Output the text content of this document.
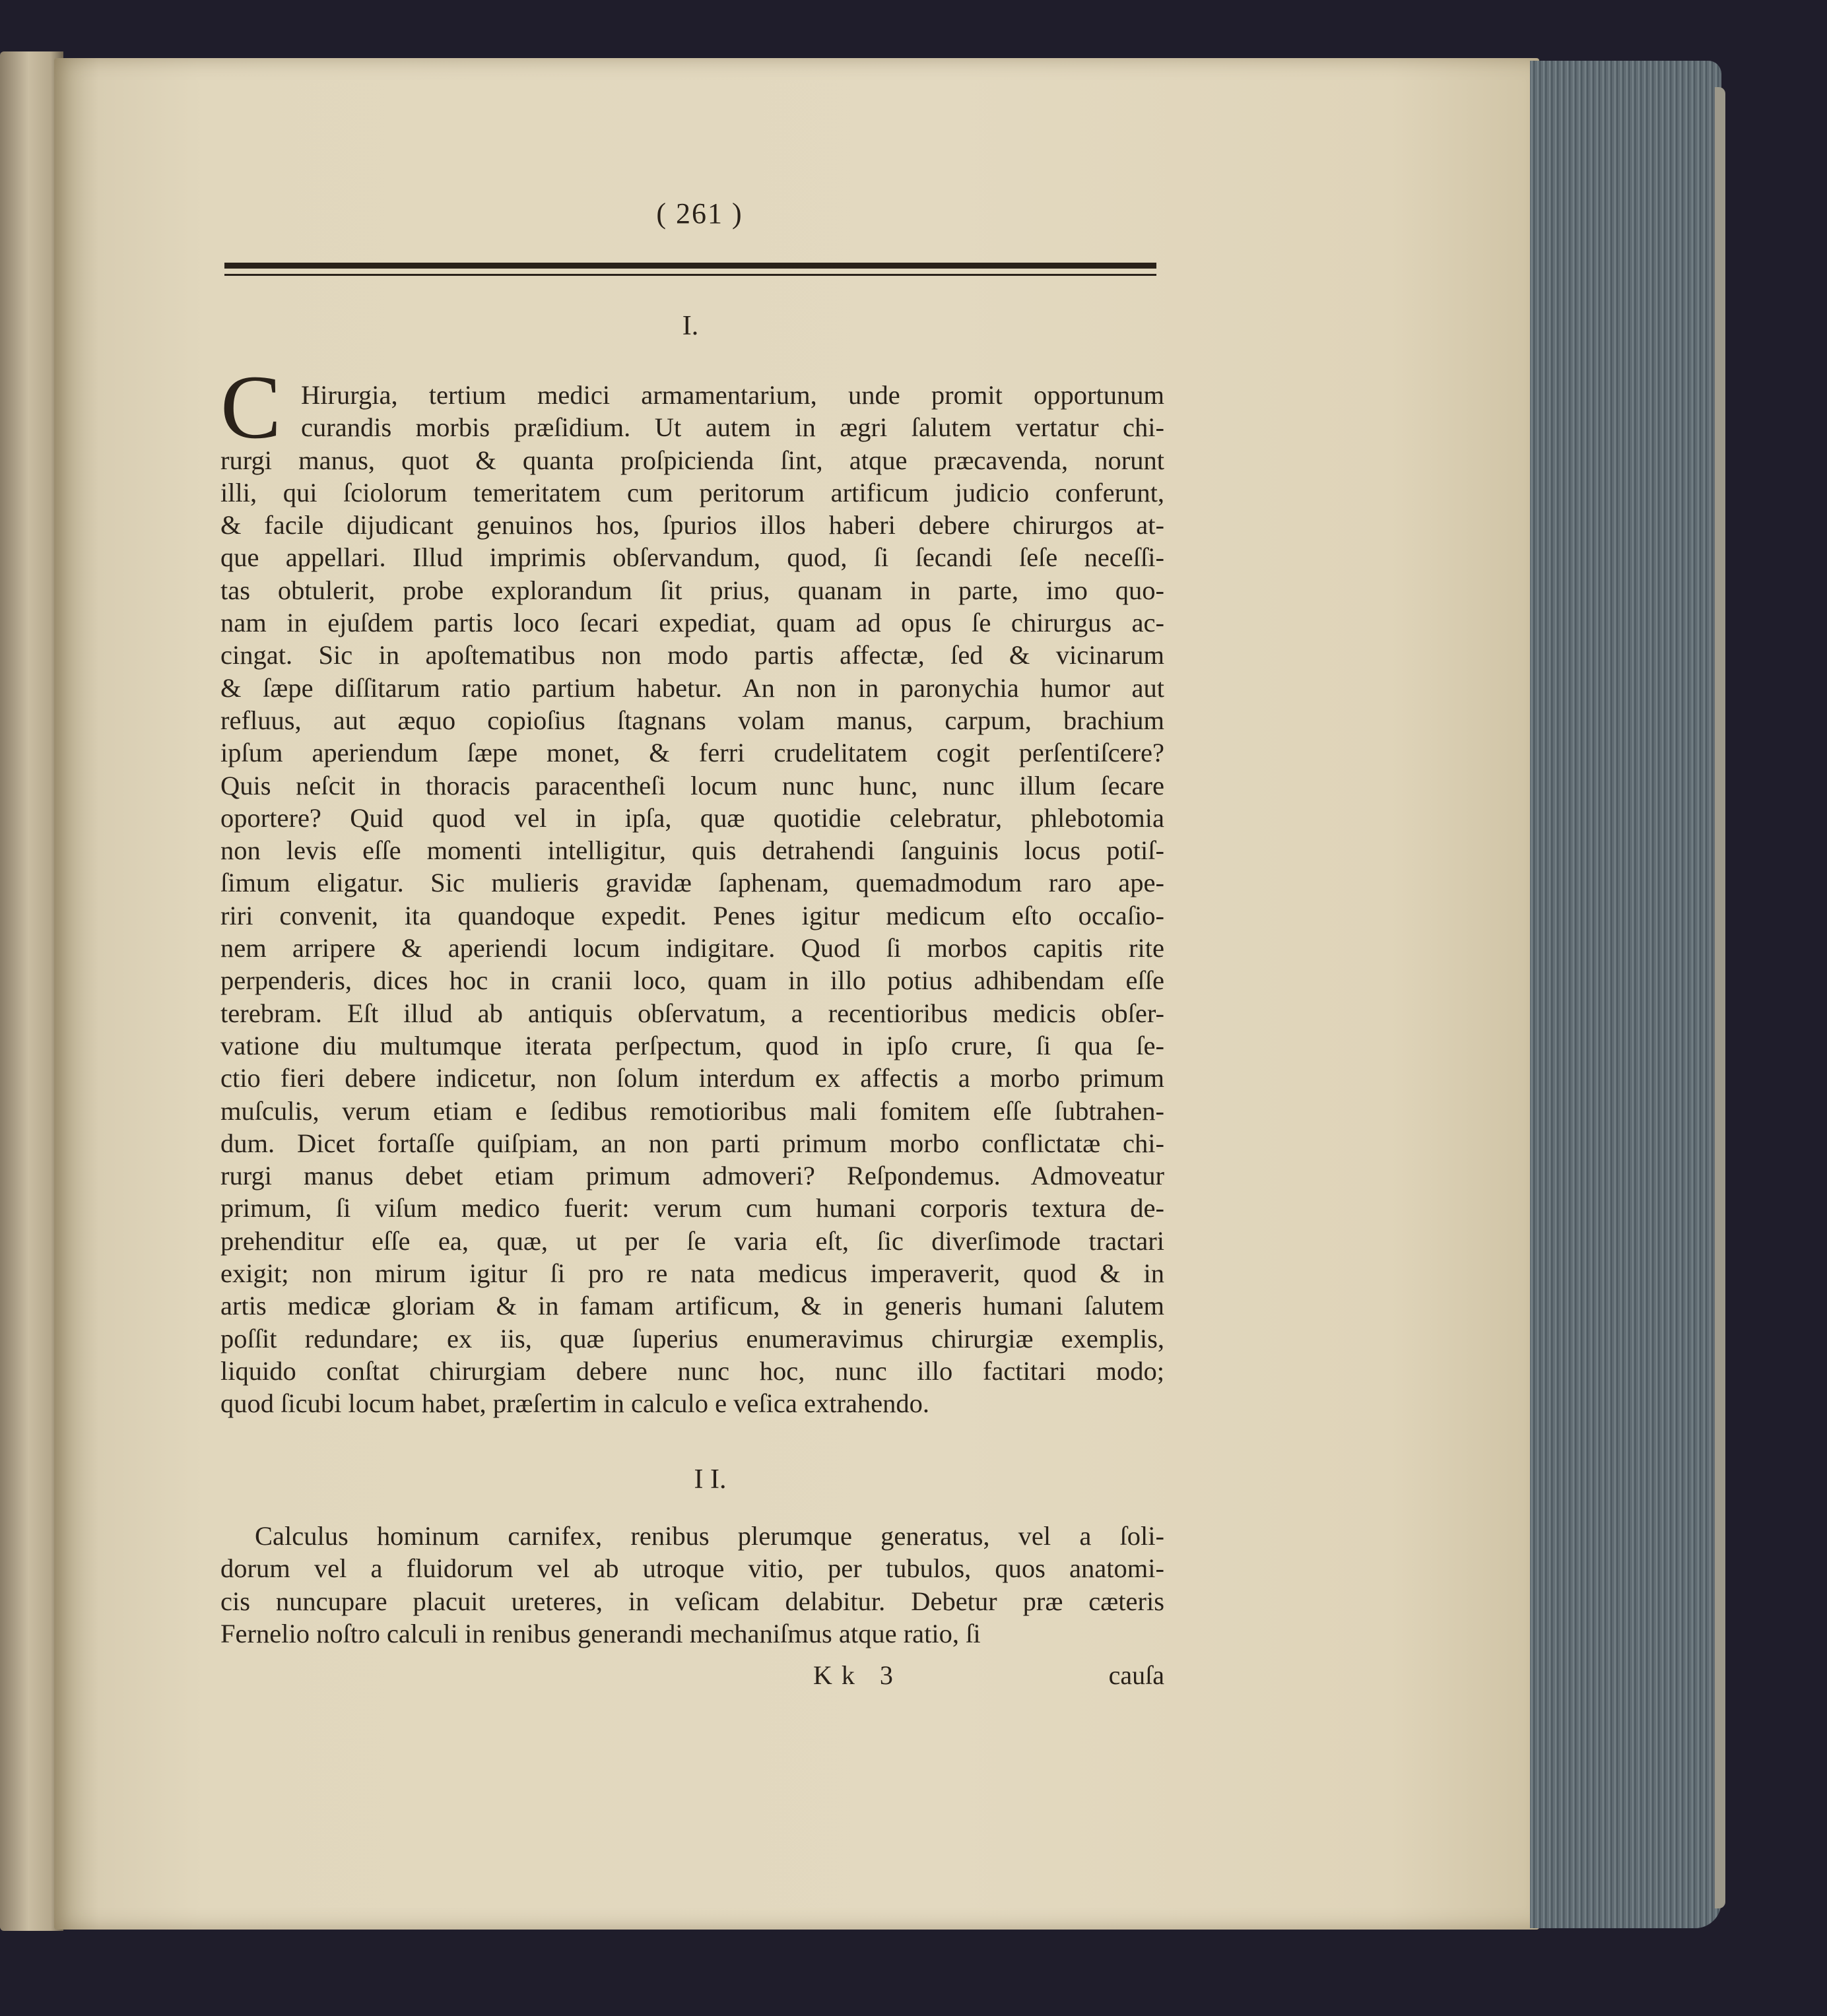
( 261 )
I.
C Hirurgia, tertium medici armamentarium, unde promit opportunum
curandis morbis præſidium. Ut autem in ægri ſalutem vertatur chi-
rurgi manus, quot & quanta proſpicienda ſint, atque præcavenda, norunt
illi, qui ſciolorum temeritatem cum peritorum artificum judicio conferunt,
& facile dijudicant genuinos hos, ſpurios illos haberi debere chirurgos at-
que appellari. Illud imprimis obſervandum, quod, ſi ſecandi ſeſe neceſſi-
tas obtulerit, probe explorandum ſit prius, quanam in parte, imo quo-
nam in ejuſdem partis loco ſecari expediat, quam ad opus ſe chirurgus ac-
cingat. Sic in apoſtematibus non modo partis affectæ, ſed & vicinarum
& ſæpe diſſitarum ratio partium habetur. An non in paronychia humor aut
refluus, aut æquo copioſius ſtagnans volam manus, carpum, brachium
ipſum aperiendum ſæpe monet, & ferri crudelitatem cogit perſentiſcere?
Quis neſcit in thoracis paracentheſi locum nunc hunc, nunc illum ſecare
oportere? Quid quod vel in ipſa, quæ quotidie celebratur, phlebotomia
non levis eſſe momenti intelligitur, quis detrahendi ſanguinis locus potiſ-
ſimum eligatur. Sic mulieris gravidæ ſaphenam, quemadmodum raro ape-
riri convenit, ita quandoque expedit. Penes igitur medicum eſto occaſio-
nem arripere & aperiendi locum indigitare. Quod ſi morbos capitis rite
perpenderis, dices hoc in cranii loco, quam in illo potius adhibendam eſſe
terebram. Eſt illud ab antiquis obſervatum, a recentioribus medicis obſer-
vatione diu multumque iterata perſpectum, quod in ipſo crure, ſi qua ſe-
ctio fieri debere indicetur, non ſolum interdum ex affectis a morbo primum
muſculis, verum etiam e ſedibus remotioribus mali fomitem eſſe ſubtrahen-
dum. Dicet fortaſſe quiſpiam, an non parti primum morbo conflictatæ chi-
rurgi manus debet etiam primum admoveri? Reſpondemus. Admoveatur
primum, ſi viſum medico fuerit: verum cum humani corporis textura de-
prehenditur eſſe ea, quæ, ut per ſe varia eſt, ſic diverſimode tractari
exigit; non mirum igitur ſi pro re nata medicus imperaverit, quod & in
artis medicæ gloriam & in famam artificum, & in generis humani ſalutem
poſſit redundare; ex iis, quæ ſuperius enumeravimus chirurgiæ exemplis,
liquido conſtat chirurgiam debere nunc hoc, nunc illo factitari modo;
quod ſicubi locum habet, præſertim in calculo e veſica extrahendo.
I I.
Calculus hominum carnifex, renibus plerumque generatus, vel a ſoli-
dorum vel a fluidorum vel ab utroque vitio, per tubulos, quos anatomi-
cis nuncupare placuit ureteres, in veſicam delabitur. Debetur præ cæteris
Fernelio noſtro calculi in renibus generandi mechaniſmus atque ratio, ſi
Kk 3	cauſa
